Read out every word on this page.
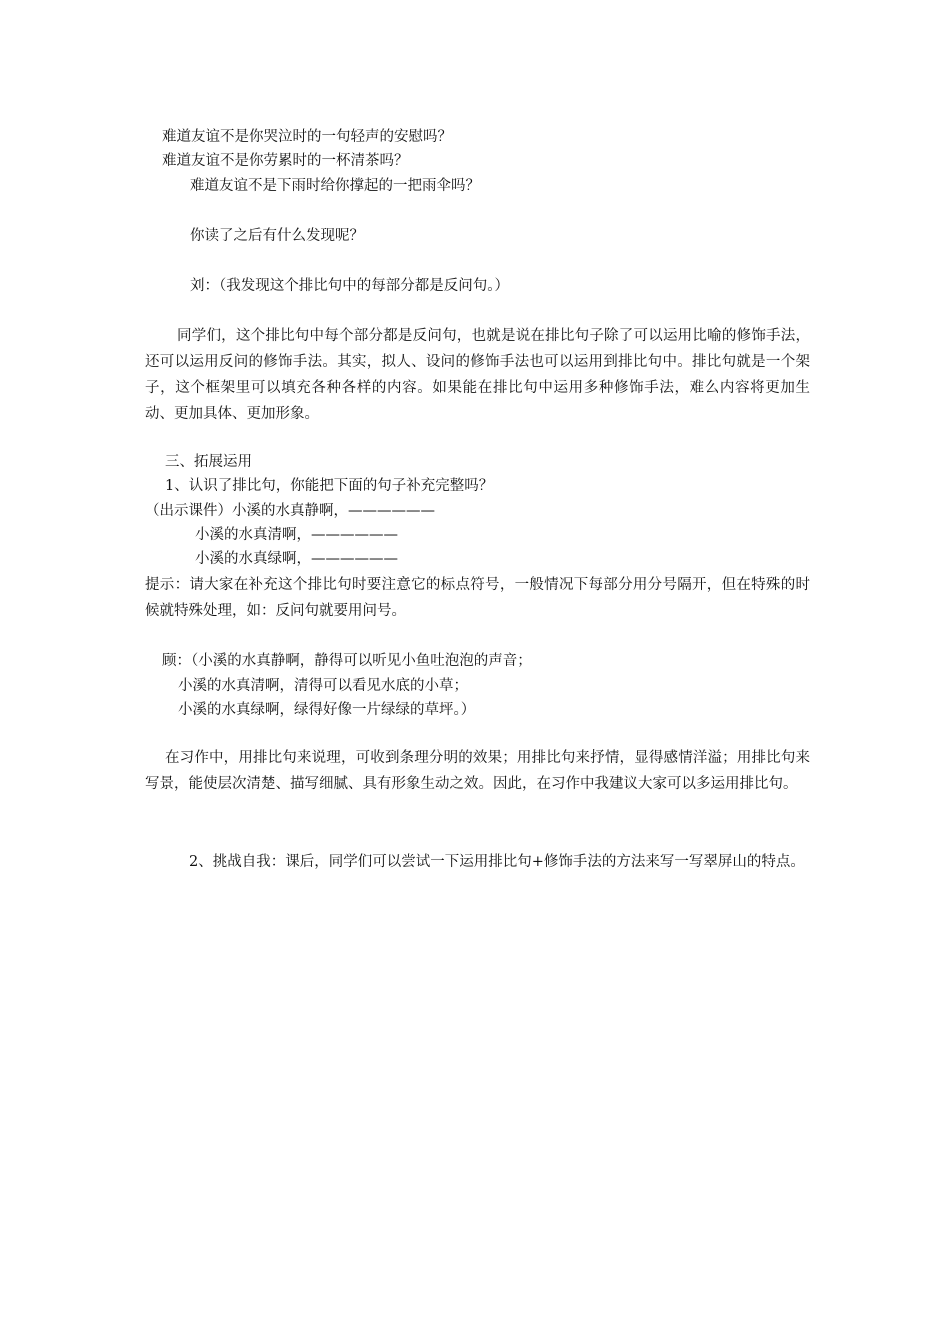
难道友谊不是你哭泣时的一句轻声的安慰吗？

难道友谊不是你劳累时的一杯清茶吗？

难道友谊不是下雨时给你撑起的一把雨伞吗？

你读了之后有什么发现呢？

刘：（我发现这个排比句中的每部分都是反问句。）

同学们，这个排比句中每个部分都是反问句，也就是说在排比句子除了可以运用比喻的修饰手法，还可以运用反问的修饰手法。其实，拟人、设问的修饰手法也可以运用到排比句中。排比句就是一个架子，这个框架里可以填充各种各样的内容。如果能在排比句中运用多种修饰手法，难么内容将更加生动、更加具体、更加形象。

三、拓展运用

1、认识了排比句，你能把下面的句子补充完整吗？

（出示课件）小溪的水真静啊，——————

小溪的水真清啊，——————

小溪的水真绿啊，——————

提示：请大家在补充这个排比句时要注意它的标点符号，一般情况下每部分用分号隔开，但在特殊的时候就特殊处理，如：反问句就要用问号。

顾：（小溪的水真静啊，静得可以听见小鱼吐泡泡的声音；

小溪的水真清啊，清得可以看见水底的小草；

小溪的水真绿啊，绿得好像一片绿绿的草坪。）

在习作中，用排比句来说理，可收到条理分明的效果；用排比句来抒情，显得感情洋溢；用排比句来写景，能使层次清楚、描写细腻、具有形象生动之效。因此，在习作中我建议大家可以多运用排比句。

2、挑战自我：课后，同学们可以尝试一下运用排比句+修饰手法的方法来写一写翠屏山的特点。
